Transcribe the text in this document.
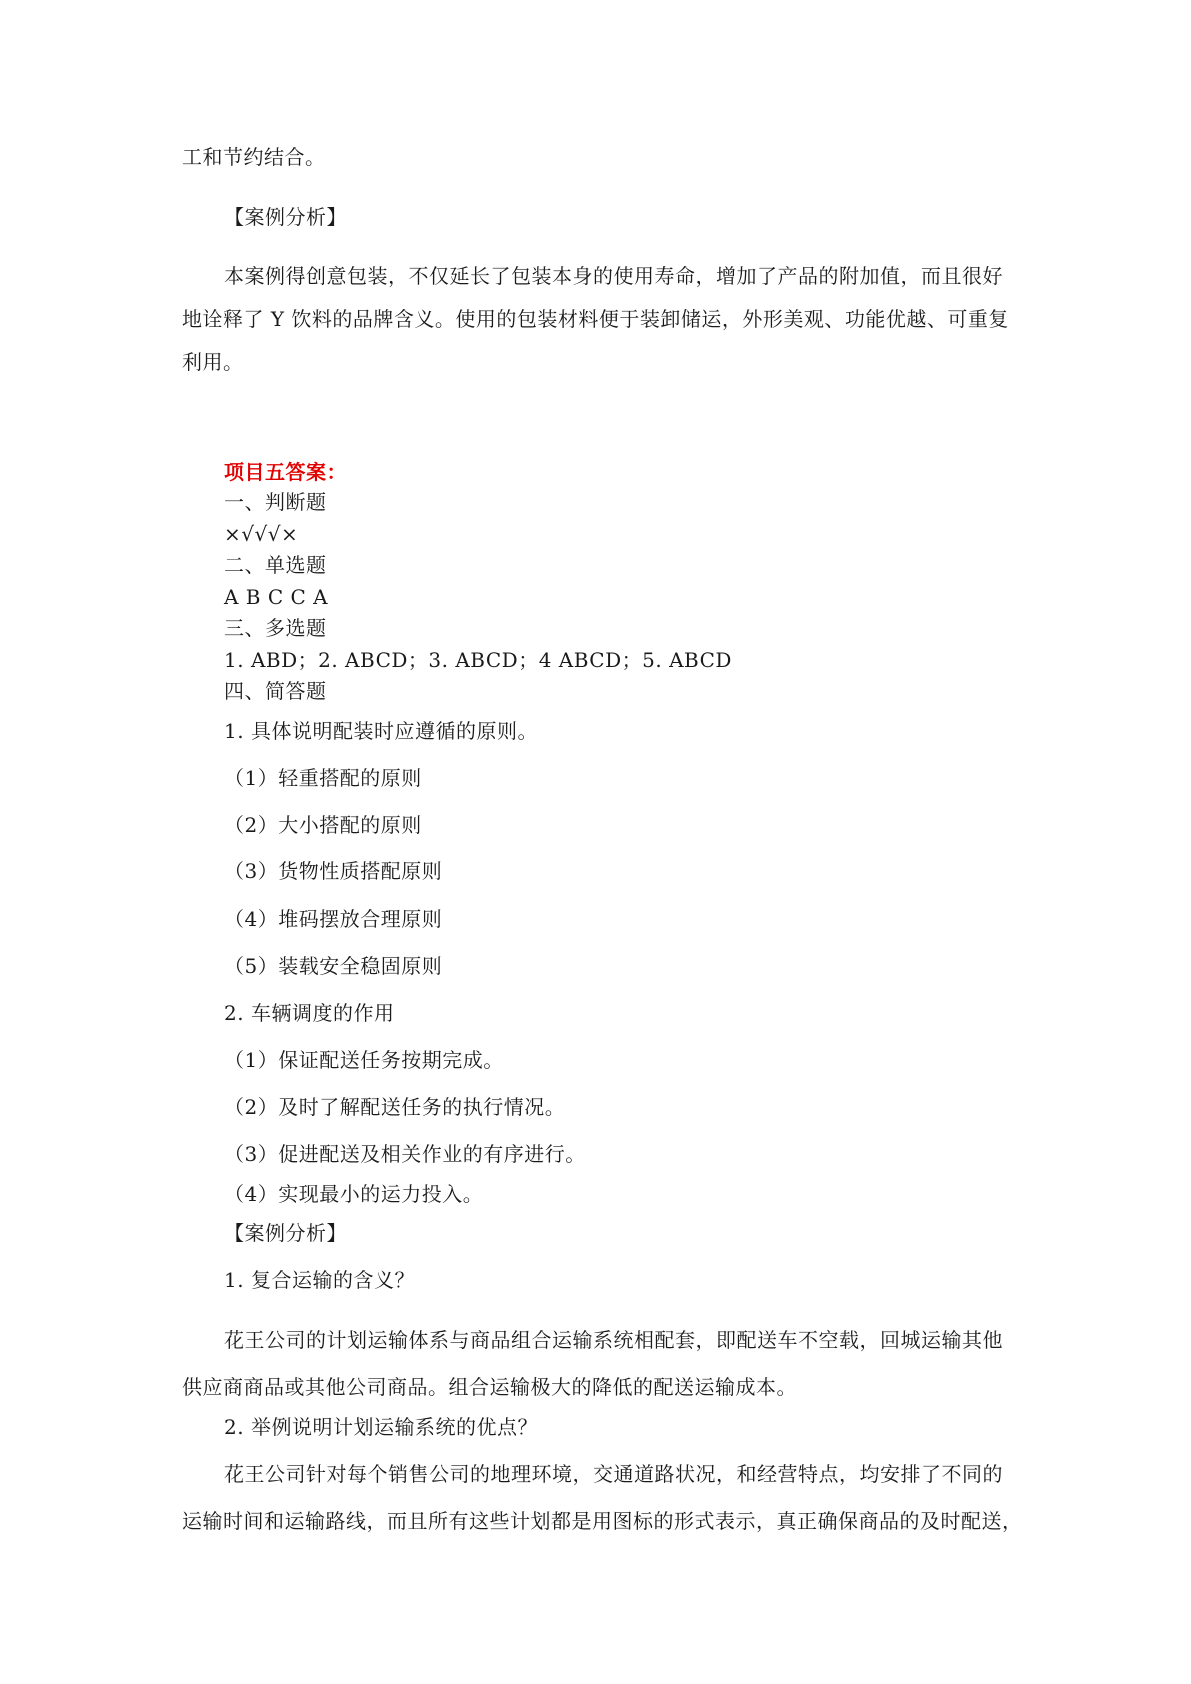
工和节约结合。
【案例分析】
本案例得创意包装，不仅延长了包装本身的使用寿命，增加了产品的附加值，而且很好
地诠释了 Y 饮料的品牌含义。使用的包装材料便于装卸储运，外形美观、功能优越、可重复
利用。
项目五答案：
一、判断题
×√√√×
二、单选题
A B C C A
三、多选题
1. ABD；2. ABCD；3. ABCD；4 ABCD；5. ABCD
四、简答题
1. 具体说明配装时应遵循的原则。
（1）轻重搭配的原则
（2）大小搭配的原则
（3）货物性质搭配原则
（4）堆码摆放合理原则
（5）装载安全稳固原则
2. 车辆调度的作用
（1）保证配送任务按期完成。
（2）及时了解配送任务的执行情况。
（3）促进配送及相关作业的有序进行。
（4）实现最小的运力投入。
【案例分析】
1. 复合运输的含义？
花王公司的计划运输体系与商品组合运输系统相配套，即配送车不空载，回城运输其他
供应商商品或其他公司商品。组合运输极大的降低的配送运输成本。
2. 举例说明计划运输系统的优点？
花王公司针对每个销售公司的地理环境，交通道路状况，和经营特点，均安排了不同的
运输时间和运输路线，而且所有这些计划都是用图标的形式表示，真正确保商品的及时配送，
